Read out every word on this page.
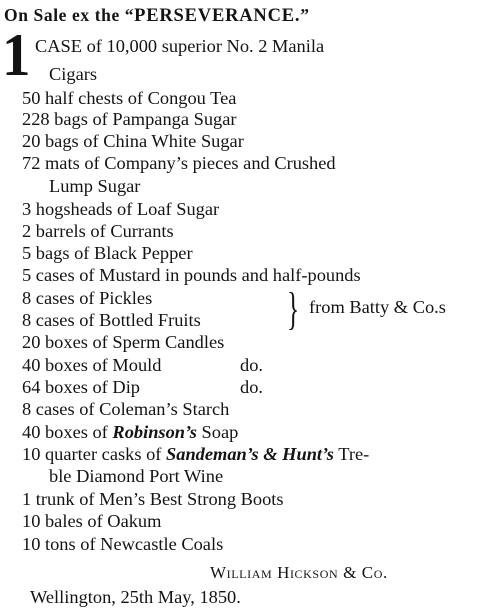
On Sale ex the “PERSEVERANCE.”
1 CASE of 10,000 superior No. 2 Manila
Cigars
50 half chests of Congou Tea
228 bags of Pampanga Sugar
20 bags of China White Sugar
72 mats of Company’s pieces and Crushed
Lump Sugar
3 hogsheads of Loaf Sugar
2 barrels of Currants
5 bags of Black Pepper
5 cases of Mustard in pounds and half-pounds
8 cases of Pickles
8 cases of Bottled Fruits } from Batty & Co.s
20 boxes of Sperm Candles
40 boxes of Mould	do.
64 boxes of Dip	do.
8 cases of Coleman’s Starch
40 boxes of Robinson’s Soap
10 quarter casks of Sandeman’s & Hunt’s Tre-
ble Diamond Port Wine
1 trunk of Men’s Best Strong Boots
10 bales of Oakum
10 tons of Newcastle Coals
William Hickson & Co.
Wellington, 25th May, 1850.
